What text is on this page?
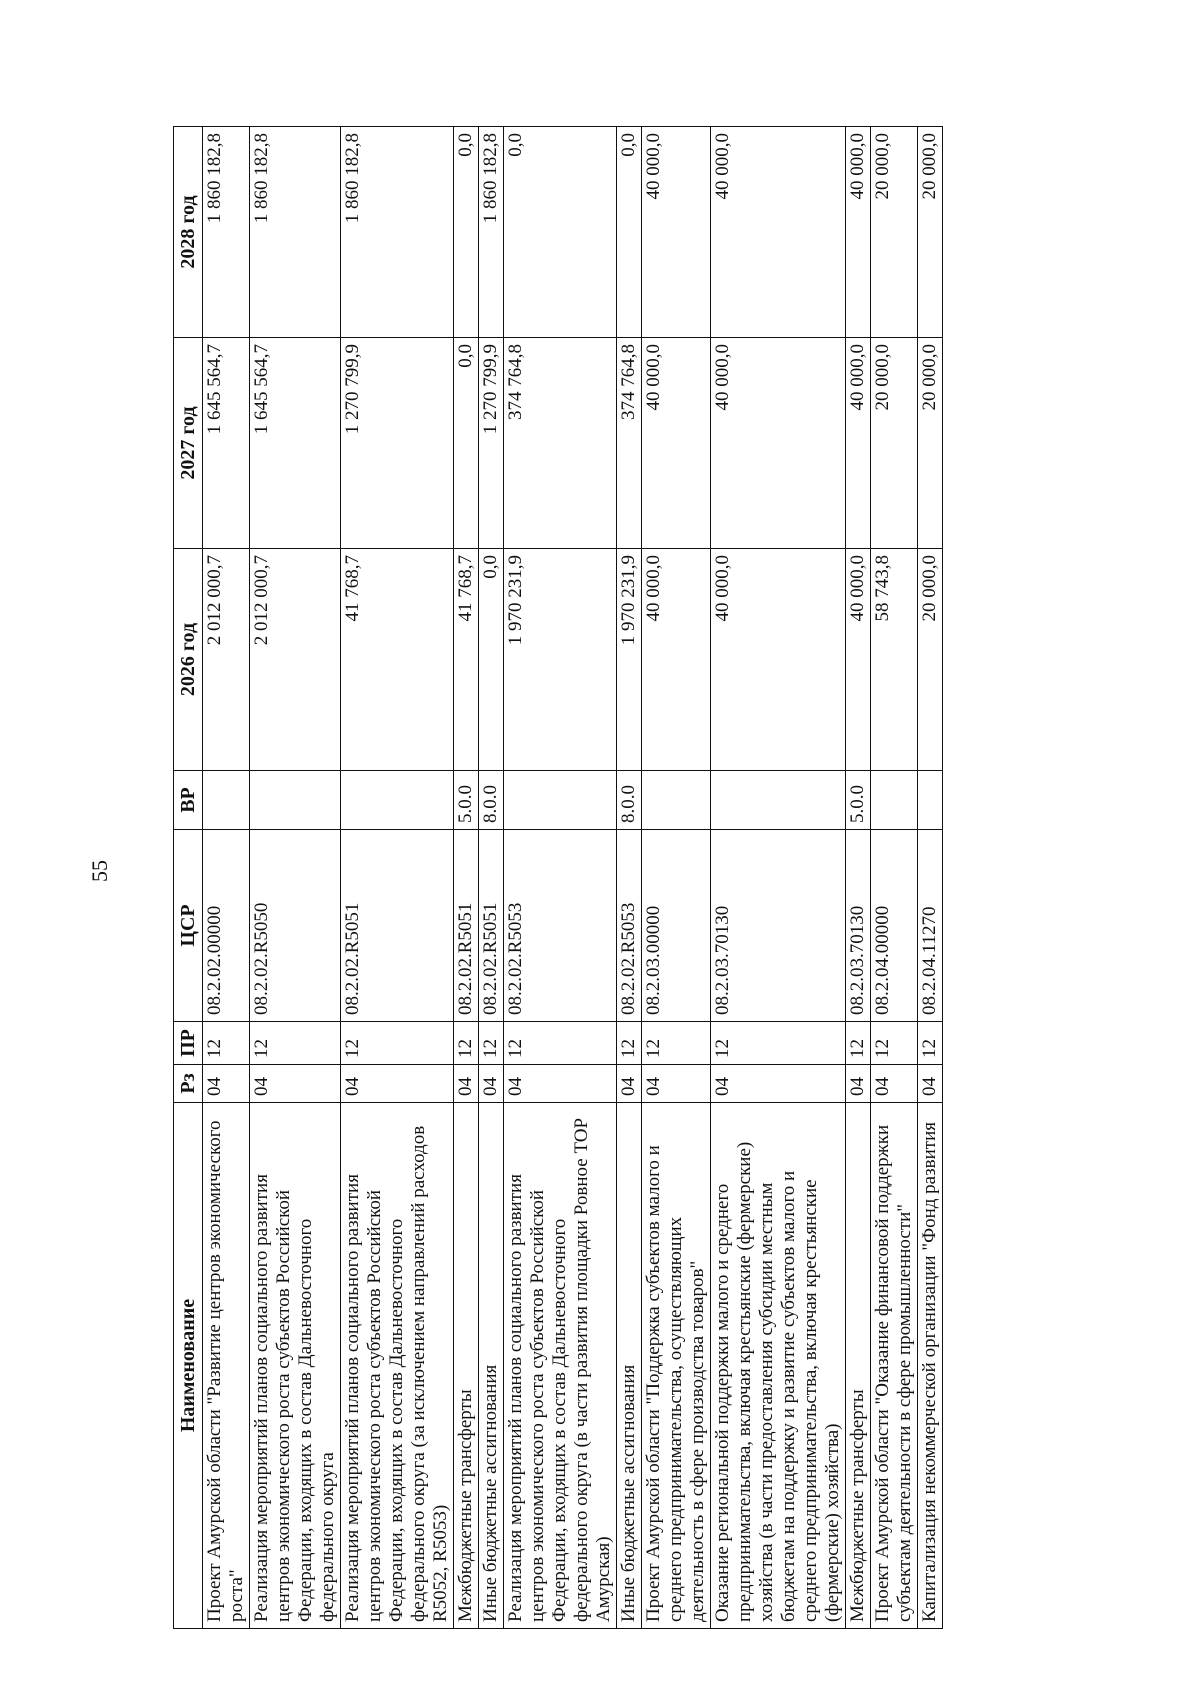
55
Наименование	Рз	ПР	ЦСР	ВР	2026 год	2027 год	2028 год
Проект Амурской области "Развитие центров экономического роста"	04	12	08.2.02.00000		2 012 000,7	1 645 564,7	1 860 182,8
Реализация мероприятий планов социального развития центров экономического роста субъектов Российской Федерации, входящих в состав Дальневосточного федерального округа	04	12	08.2.02.R5050		2 012 000,7	1 645 564,7	1 860 182,8
Реализация мероприятий планов социального развития центров экономического роста субъектов Российской Федерации, входящих в состав Дальневосточного федерального округа (за исключением направлений расходов R5052, R5053)	04	12	08.2.02.R5051		41 768,7	1 270 799,9	1 860 182,8
Межбюджетные трансферты	04	12	08.2.02.R5051	5.0.0	41 768,7	0,0	0,0
Иные бюджетные ассигнования	04	12	08.2.02.R5051	8.0.0	0,0	1 270 799,9	1 860 182,8
Реализация мероприятий планов социального развития центров экономического роста субъектов Российской Федерации, входящих в состав Дальневосточного федерального округа (в части развития площадки Ровное ТОР Амурская)	04	12	08.2.02.R5053		1 970 231,9	374 764,8	0,0
Иные бюджетные ассигнования	04	12	08.2.02.R5053	8.0.0	1 970 231,9	374 764,8	0,0
Проект Амурской области "Поддержка субъектов малого и среднего предпринимательства, осуществляющих деятельность в сфере производства товаров"	04	12	08.2.03.00000		40 000,0	40 000,0	40 000,0
Оказание региональной поддержки малого и среднего предпринимательства, включая крестьянские (фермерские) хозяйства (в части предоставления субсидии местным бюджетам на поддержку и развитие субъектов малого и среднего предпринимательства, включая крестьянские (фермерские) хозяйства)	04	12	08.2.03.70130		40 000,0	40 000,0	40 000,0
Межбюджетные трансферты	04	12	08.2.03.70130	5.0.0	40 000,0	40 000,0	40 000,0
Проект Амурской области "Оказание финансовой поддержки субъектам деятельности в сфере промышленности"	04	12	08.2.04.00000		58 743,8	20 000,0	20 000,0
Капитализация некоммерческой организации "Фонд развития	04	12	08.2.04.11270		20 000,0	20 000,0	20 000,0
